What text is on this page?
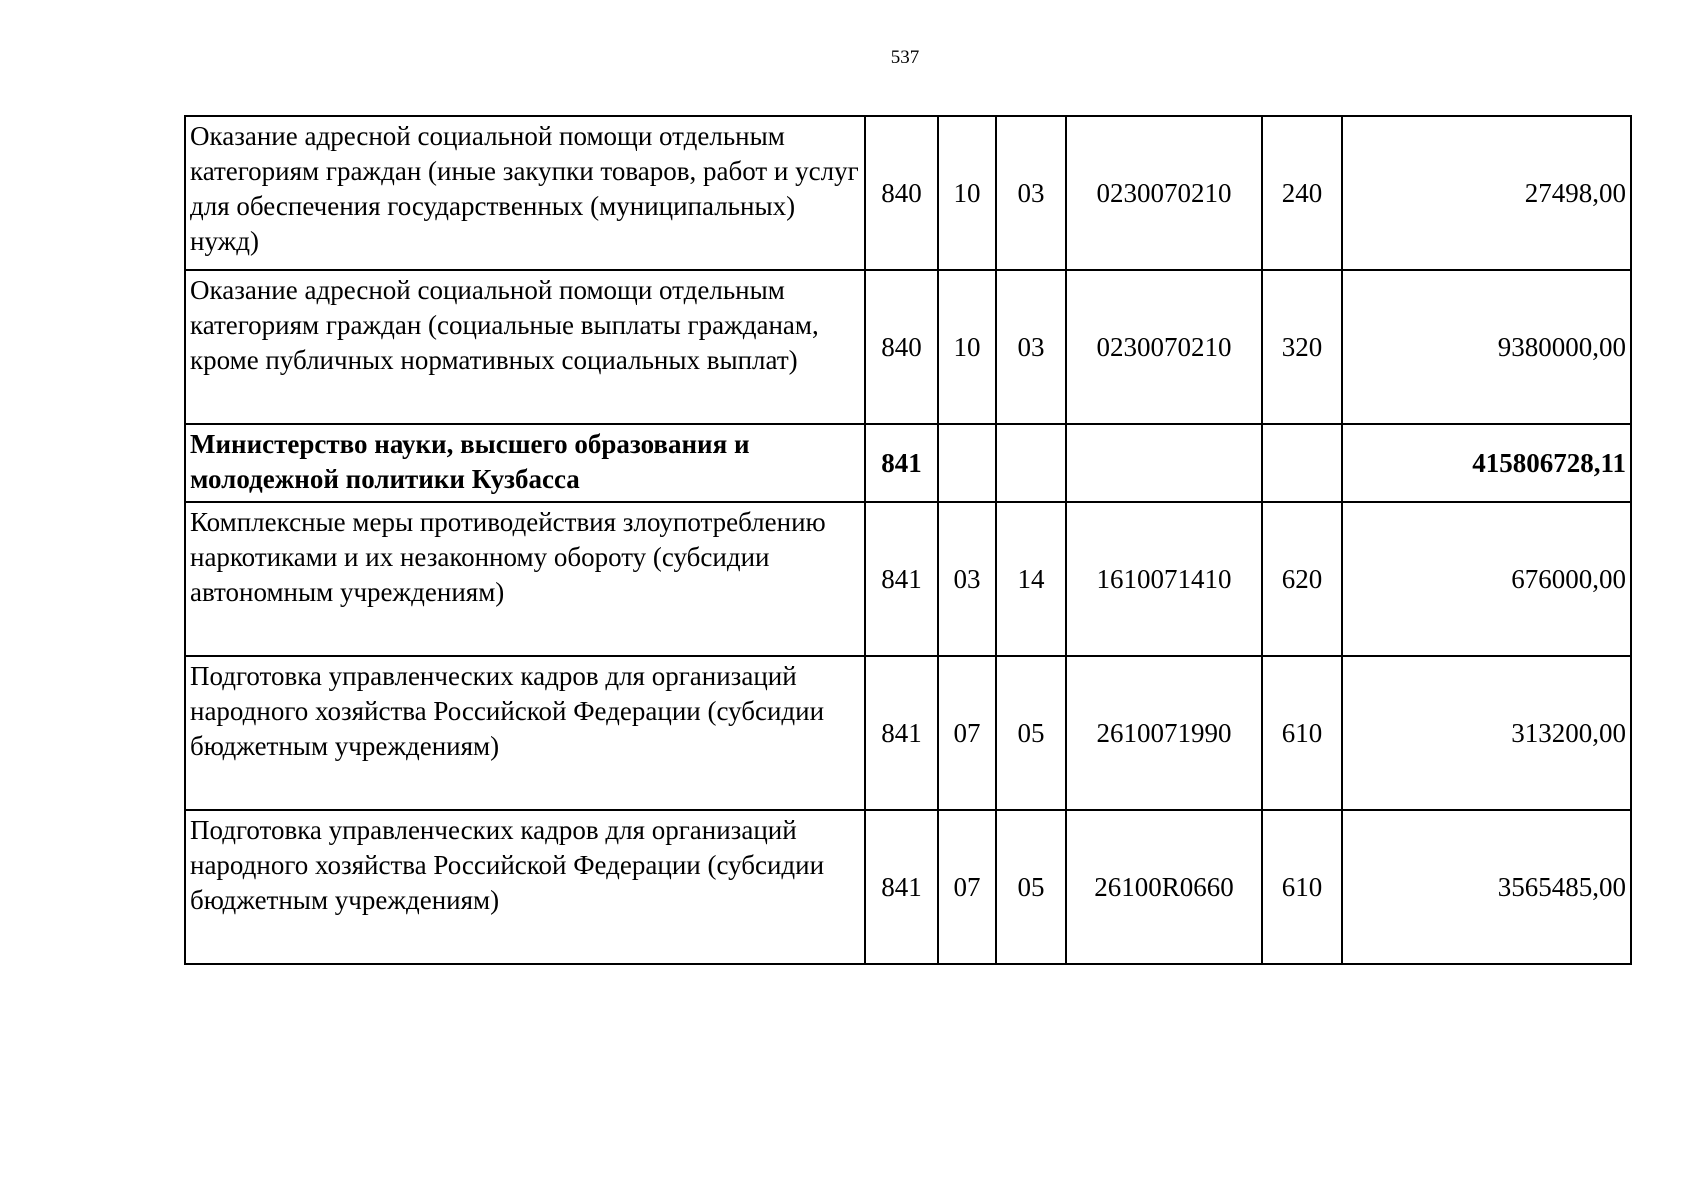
537
Оказание адресной социальной помощи отдельным категориям граждан (иные закупки товаров, работ и услуг для обеспечения государственных (муниципальных) нужд)	840	10	03	0230070210	240	27498,00
Оказание адресной социальной помощи отдельным категориям граждан (социальные выплаты гражданам, кроме публичных нормативных социальных выплат)	840	10	03	0230070210	320	9380000,00
Министерство науки, высшего образования и молодежной политики Кузбасса	841					415806728,11
Комплексные меры противодействия злоупотреблению наркотиками и их незаконному обороту (субсидии автономным учреждениям)	841	03	14	1610071410	620	676000,00
Подготовка управленческих кадров для организаций народного хозяйства Российской Федерации (субсидии бюджетным учреждениям)	841	07	05	2610071990	610	313200,00
Подготовка управленческих кадров для организаций народного хозяйства Российской Федерации (субсидии бюджетным учреждениям)	841	07	05	26100R0660	610	3565485,00
